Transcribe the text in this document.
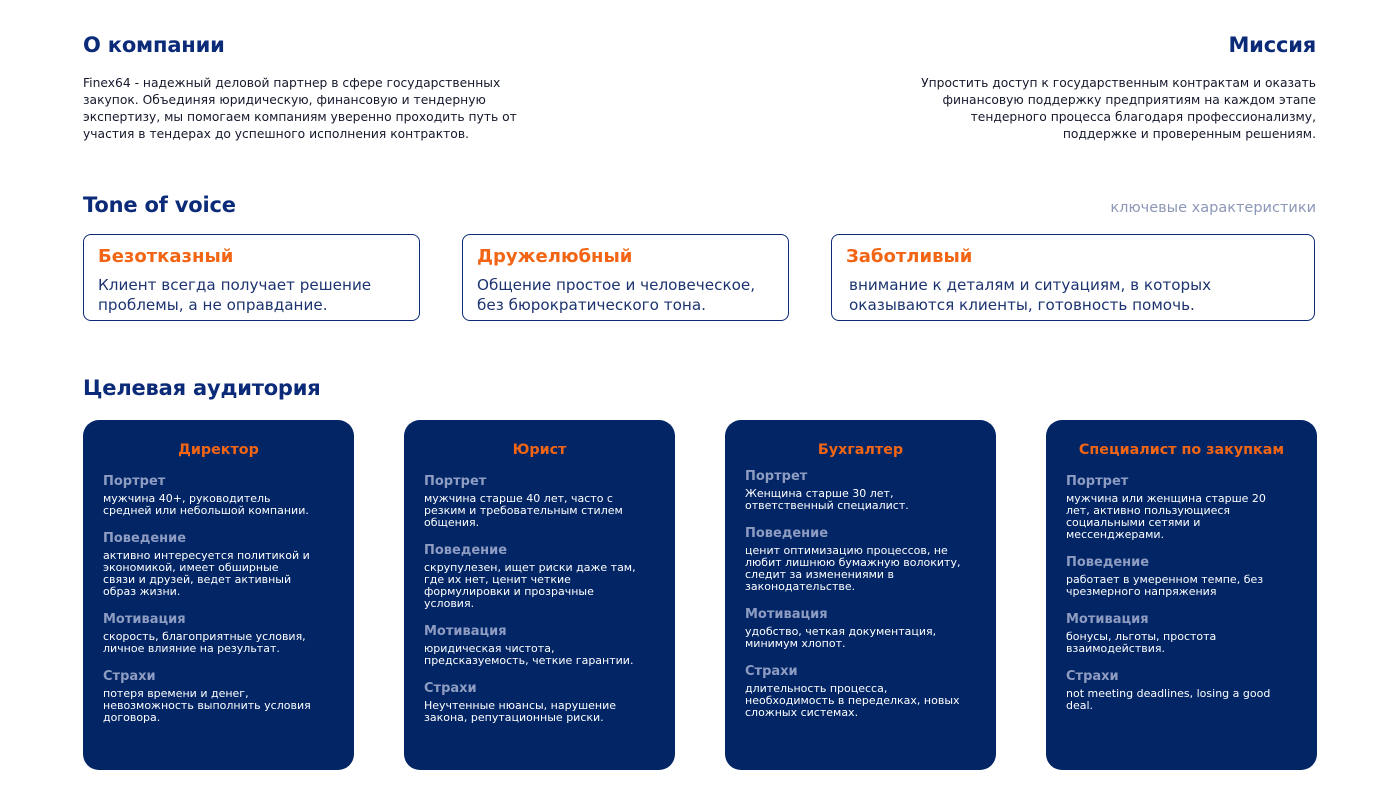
О компании
Finex64 - надежный деловой партнер в сфере государственных
закупок. Объединяя юридическую, финансовую и тендерную
экспертизу, мы помогаем компаниям уверенно проходить путь от
участия в тендерах до успешного исполнения контрактов.
Миссия
Упростить доступ к государственным контрактам и оказать
финансовую поддержку предприятиям на каждом этапе
тендерного процесса благодаря профессионализму,
поддержке и проверенным решениям.
Tone of voice	ключевые характеристики
Безотказный
Клиент всегда получает решение
проблемы, а не оправдание.
Дружелюбный
Общение простое и человеческое,
без бюрократического тона.
Заботливый
внимание к деталям и ситуациям, в которых
оказываются клиенты, готовность помочь.
Целевая аудитория
Директор
Портрет
мужчина 40+, руководитель
средней или небольшой компании.
Поведение
активно интересуется политикой и
экономикой, имеет обширные
связи и друзей, ведет активный
образ жизни.
Мотивация
скорость, благоприятные условия,
личное влияние на результат.
Страхи
потеря времени и денег,
невозможность выполнить условия
договора.
Юрист
Портрет
мужчина старше 40 лет, часто с
резким и требовательным стилем
общения.
Поведение
скрупулезен, ищет риски даже там,
где их нет, ценит четкие
формулировки и прозрачные
условия.
Мотивация
юридическая чистота,
предсказуемость, четкие гарантии.
Страхи
Неучтенные нюансы, нарушение
закона, репутационные риски.
Бухгалтер
Портрет
Женщина старше 30 лет,
ответственный специалист.
Поведение
ценит оптимизацию процессов, не
любит лишнюю бумажную волокиту,
следит за изменениями в
законодательстве.
Мотивация
удобство, четкая документация,
минимум хлопот.
Страхи
длительность процесса,
необходимость в переделках, новых
сложных системах.
Специалист по закупкам
Портрет
мужчина или женщина старше 20
лет, активно пользующиеся
социальными сетями и
мессенджерами.
Поведение
работает в умеренном темпе, без
чрезмерного напряжения
Мотивация
бонусы, льготы, простота
взаимодействия.
Страхи
not meeting deadlines, losing a good
deal.
